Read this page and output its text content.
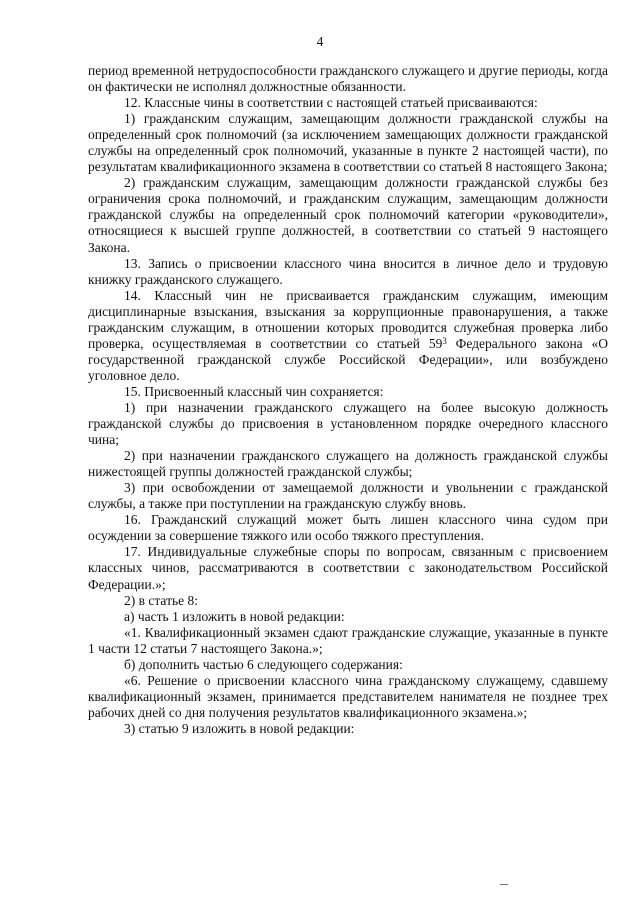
4

период временной нетрудоспособности гражданского служащего и другие периоды, когда он фактически не исполнял должностные обязанности.

12. Классные чины в соответствии с настоящей статьей присваиваются:

1) гражданским служащим, замещающим должности гражданской службы на определенный срок полномочий (за исключением замещающих должности гражданской службы на определенный срок полномочий, указанные в пункте 2 настоящей части), по результатам квалификационного экзамена в соответствии со статьей 8 настоящего Закона;

2) гражданским служащим, замещающим должности гражданской службы без ограничения срока полномочий, и гражданским служащим, замещающим должности гражданской службы на определенный срок полномочий категории «руководители», относящиеся к высшей группе должностей, в соответствии со статьей 9 настоящего Закона.

13. Запись о присвоении классного чина вносится в личное дело и трудовую книжку гражданского служащего.

14. Классный чин не присваивается гражданским служащим, имеющим дисциплинарные взыскания, взыскания за коррупционные правонарушения, а также гражданским служащим, в отношении которых проводится служебная проверка либо проверка, осуществляемая в соответствии со статьей $59^3$ Федерального закона «О государственной гражданской службе Российской Федерации», или возбуждено уголовное дело.

15. Присвоенный классный чин сохраняется:

1) при назначении гражданского служащего на более высокую должность гражданской службы до присвоения в установленном порядке очередного классного чина;

2) при назначении гражданского служащего на должность гражданской службы нижестоящей группы должностей гражданской службы;

3) при освобождении от замещаемой должности и увольнении с гражданской службы, а также при поступлении на гражданскую службу вновь.

16. Гражданский служащий может быть лишен классного чина судом при осуждении за совершение тяжкого или особо тяжкого преступления.

17. Индивидуальные служебные споры по вопросам, связанным с присвоением классных чинов, рассматриваются в соответствии с законодательством Российской Федерации.»;

2) в статье 8:

а) часть 1 изложить в новой редакции:

«1. Квалификационный экзамен сдают гражданские служащие, указанные в пункте 1 части 12 статьи 7 настоящего Закона.»;

б) дополнить частью 6 следующего содержания:

«6. Решение о присвоении классного чина гражданскому служащему, сдавшему квалификационный экзамен, принимается представителем нанимателя не позднее трех рабочих дней со дня получения результатов квалификационного экзамена.»;

3) статью 9 изложить в новой редакции:
